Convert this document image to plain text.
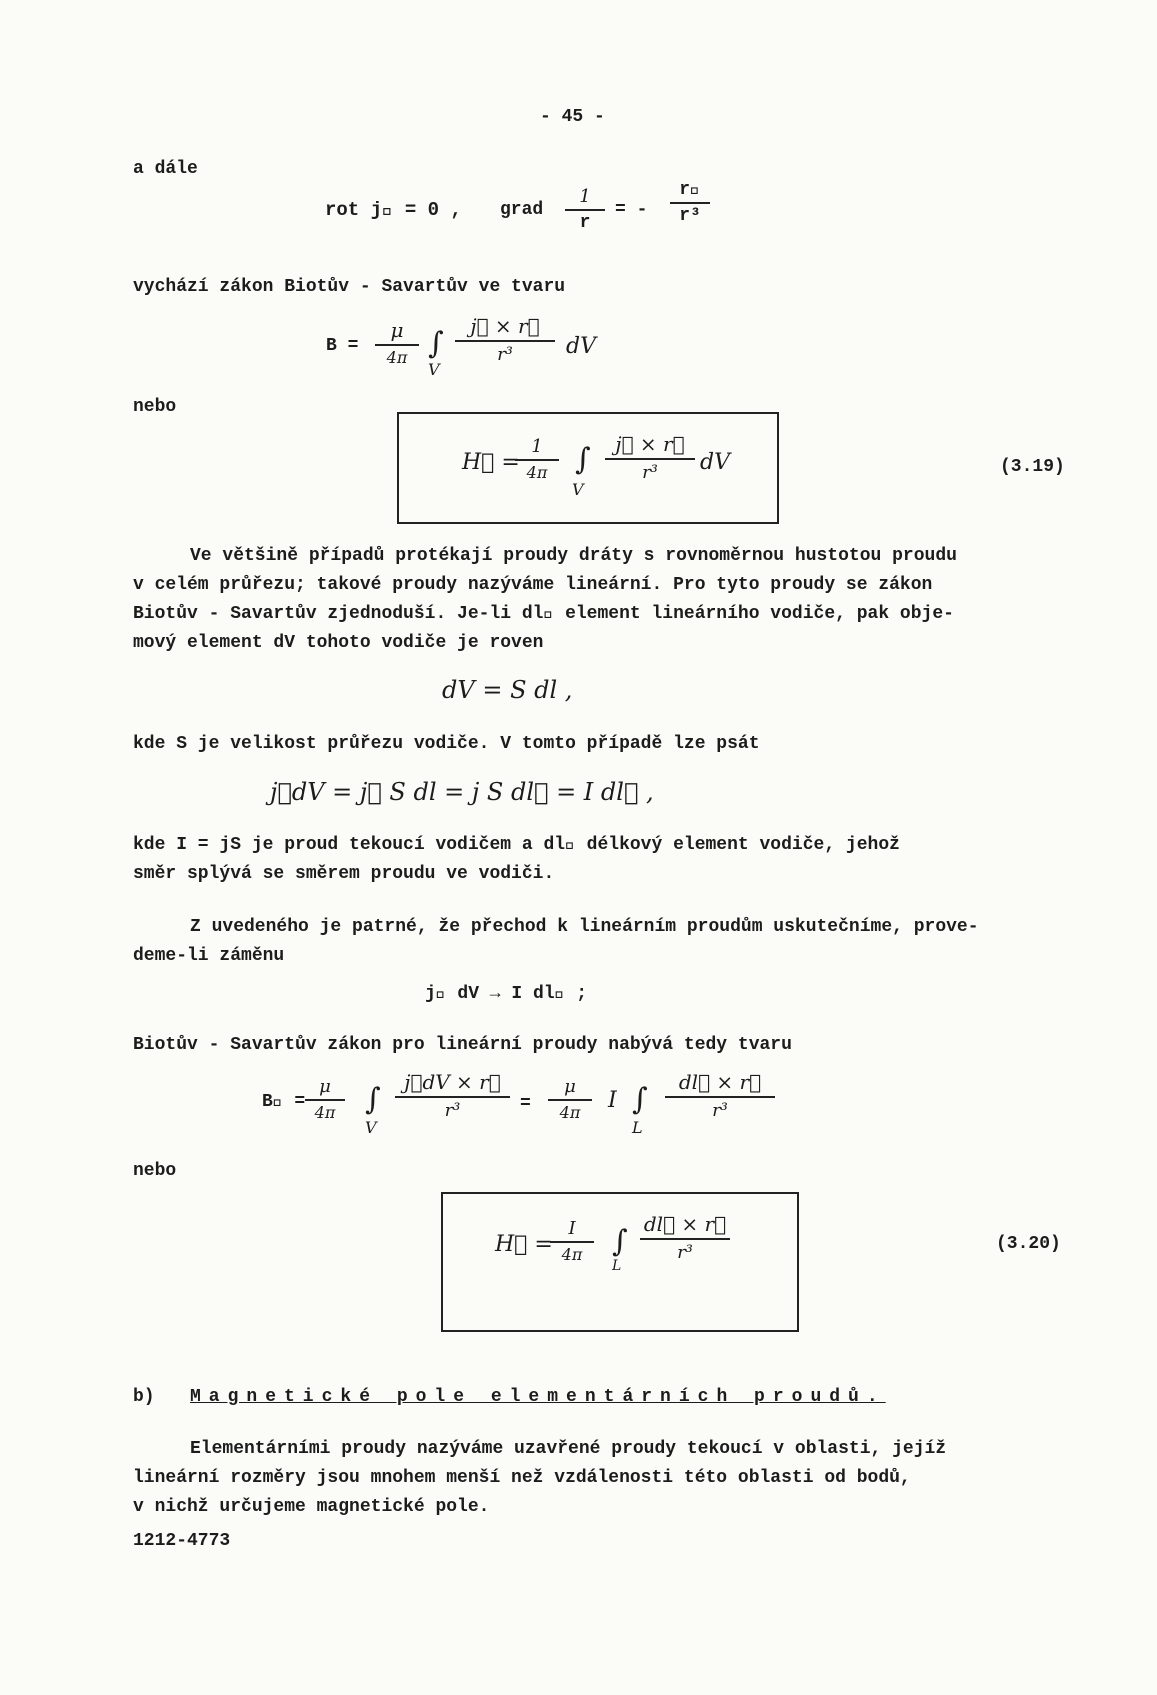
- 45 -
a dále
rot j⃗ = 0 , grad
1
r
= -
r⃗
r³
vychází zákon Biotův - Savartův ve tvaru
B =
μ
4π ∫
V
j⃗ × r⃗
r³	dV
nebo
H⃗ =
1
4π ∫
V
j⃗ × r⃗
r³	dV	(3.19)
Ve většině případů protékají proudy dráty s rovnoměrnou hustotou proudu
v celém průřezu; takové proudy nazýváme lineární. Pro tyto proudy se zákon
Biotův - Savartův zjednoduší. Je-li dl⃗ element lineárního vodiče, pak obje-
mový element dV tohoto vodiče je roven
dV = S dl ,
kde S je velikost průřezu vodiče. V tomto případě lze psát
j⃗dV = j⃗ S dl = j S dl⃗ = I dl⃗ ,
kde I = jS je proud tekoucí vodičem a dl⃗ délkový element vodiče, jehož
směr splývá se směrem proudu ve vodiči.
Z uvedeného je patrné, že přechod k lineárním proudům uskutečníme, prove-
deme-li záměnu
j⃗ dV → I dl⃗ ;
Biotův - Savartův zákon pro lineární proudy nabývá tedy tvaru
B⃗ =
μ
4π ∫
V
j⃗dV × r⃗
r³	=
μ
4π	I ∫
L
dl⃗ × r⃗
r³
nebo
H⃗ =
I
4π ∫
L
dl⃗ × r⃗
r³	(3.20)
b) Magnetické pole elementárních proudů.
Elementárními proudy nazýváme uzavřené proudy tekoucí v oblasti, jejíž
lineární rozměry jsou mnohem menší než vzdálenosti této oblasti od bodů,
v nichž určujeme magnetické pole.
1212-4773
